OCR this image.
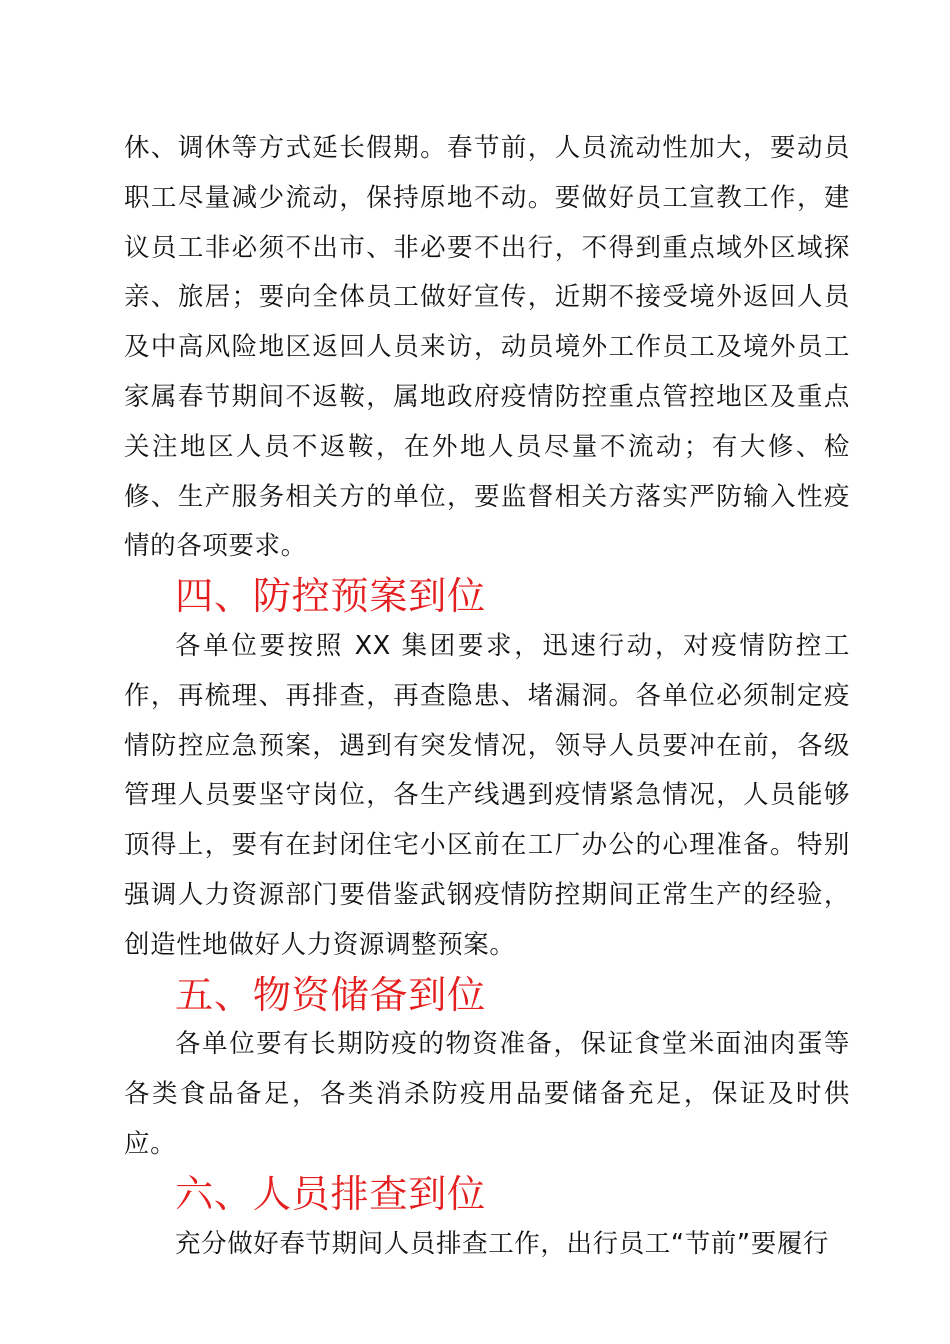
休、调休等方式延长假期。春节前，人员流动性加大，要动员职工尽量减少流动，保持原地不动。要做好员工宣教工作，建议员工非必须不出市、非必要不出行，不得到重点域外区域探亲、旅居；要向全体员工做好宣传，近期不接受境外返回人员及中高风险地区返回人员来访，动员境外工作员工及境外员工家属春节期间不返鞍，属地政府疫情防控重点管控地区及重点关注地区人员不返鞍，在外地人员尽量不流动；有大修、检修、生产服务相关方的单位，要监督相关方落实严防输入性疫情的各项要求。

四、防控预案到位

各单位要按照 XX 集团要求，迅速行动，对疫情防控工作，再梳理、再排查，再查隐患、堵漏洞。各单位必须制定疫情防控应急预案，遇到有突发情况，领导人员要冲在前，各级管理人员要坚守岗位，各生产线遇到疫情紧急情况，人员能够顶得上，要有在封闭住宅小区前在工厂办公的心理准备。特别强调人力资源部门要借鉴武钢疫情防控期间正常生产的经验，创造性地做好人力资源调整预案。

五、物资储备到位

各单位要有长期防疫的物资准备，保证食堂米面油肉蛋等各类食品备足，各类消杀防疫用品要储备充足，保证及时供应。

六、人员排查到位

充分做好春节期间人员排查工作，出行员工“节前”要履行
